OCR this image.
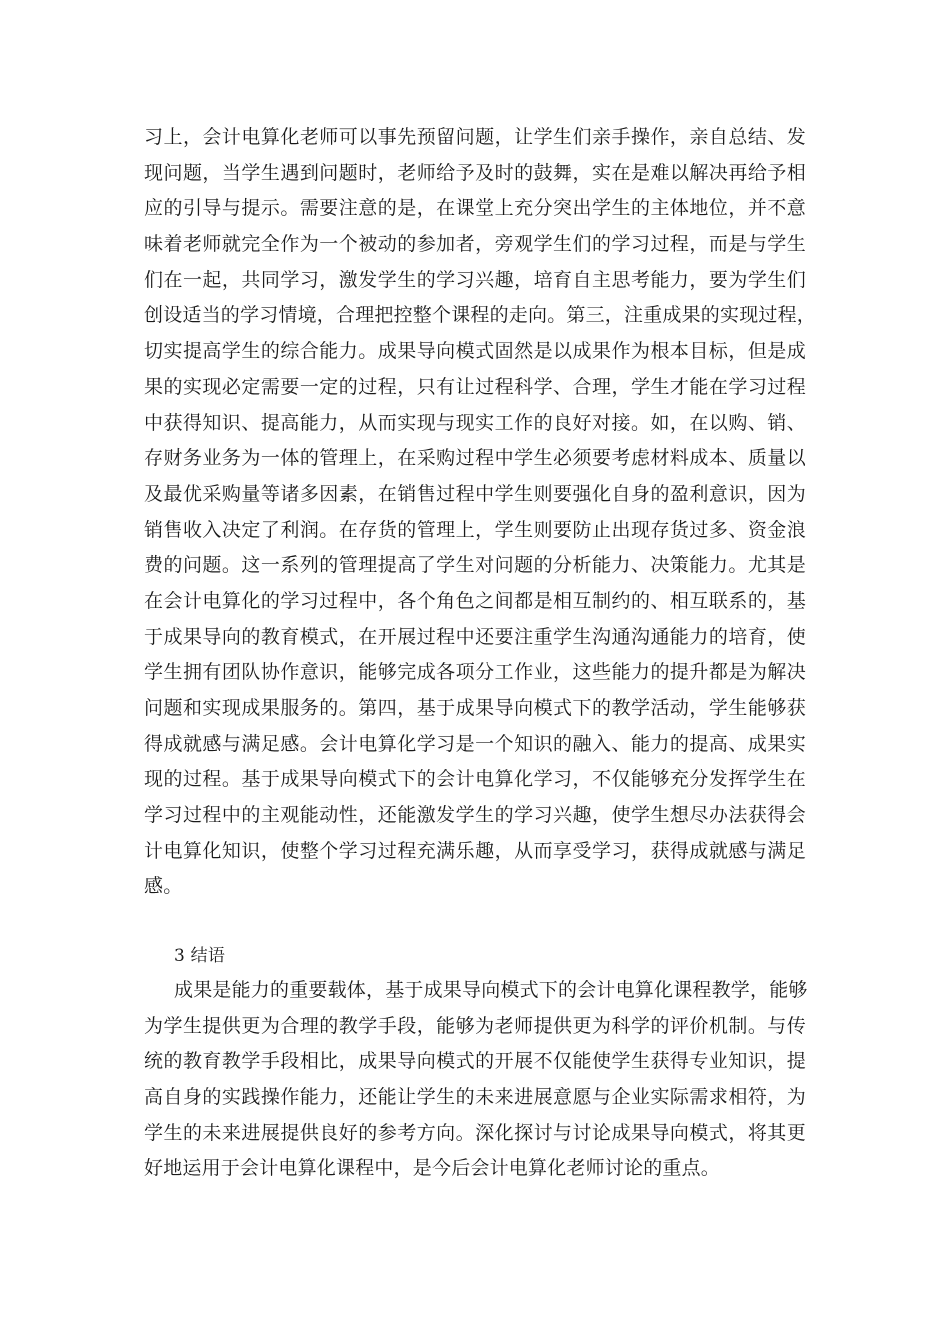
习上，会计电算化老师可以事先预留问题，让学生们亲手操作，亲自总结、发
现问题，当学生遇到问题时，老师给予及时的鼓舞，实在是难以解决再给予相
应的引导与提示。需要注意的是，在课堂上充分突出学生的主体地位，并不意
味着老师就完全作为一个被动的参加者，旁观学生们的学习过程，而是与学生
们在一起，共同学习，激发学生的学习兴趣，培育自主思考能力，要为学生们
创设适当的学习情境，合理把控整个课程的走向。第三，注重成果的实现过程，
切实提高学生的综合能力。成果导向模式固然是以成果作为根本目标，但是成
果的实现必定需要一定的过程，只有让过程科学、合理，学生才能在学习过程
中获得知识、提高能力，从而实现与现实工作的良好对接。如，在以购、销、
存财务业务为一体的管理上，在采购过程中学生必须要考虑材料成本、质量以
及最优采购量等诸多因素，在销售过程中学生则要强化自身的盈利意识，因为
销售收入决定了利润。在存货的管理上，学生则要防止出现存货过多、资金浪
费的问题。这一系列的管理提高了学生对问题的分析能力、决策能力。尤其是
在会计电算化的学习过程中，各个角色之间都是相互制约的、相互联系的，基
于成果导向的教育模式，在开展过程中还要注重学生沟通沟通能力的培育，使
学生拥有团队协作意识，能够完成各项分工作业，这些能力的提升都是为解决
问题和实现成果服务的。第四，基于成果导向模式下的教学活动，学生能够获
得成就感与满足感。会计电算化学习是一个知识的融入、能力的提高、成果实
现的过程。基于成果导向模式下的会计电算化学习，不仅能够充分发挥学生在
学习过程中的主观能动性，还能激发学生的学习兴趣，使学生想尽办法获得会
计电算化知识，使整个学习过程充满乐趣，从而享受学习，获得成就感与满足
感。
3 结语
成果是能力的重要载体，基于成果导向模式下的会计电算化课程教学，能够
为学生提供更为合理的教学手段，能够为老师提供更为科学的评价机制。与传
统的教育教学手段相比，成果导向模式的开展不仅能使学生获得专业知识，提
高自身的实践操作能力，还能让学生的未来进展意愿与企业实际需求相符，为
学生的未来进展提供良好的参考方向。深化探讨与讨论成果导向模式，将其更
好地运用于会计电算化课程中，是今后会计电算化老师讨论的重点。
